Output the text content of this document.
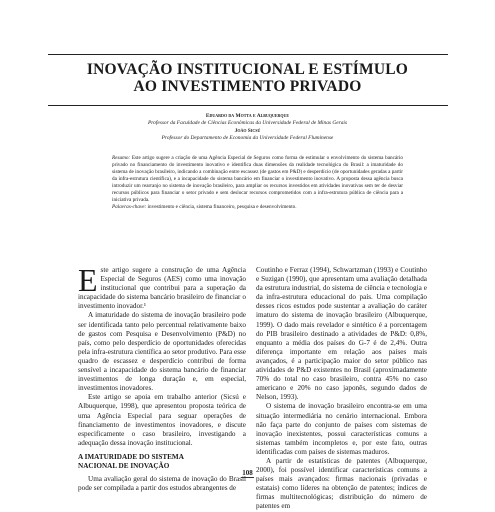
INOVAÇÃO INSTITUCIONAL E ESTÍMULO
AO INVESTIMENTO PRIVADO
Eduardo da Motta e Albuquerque
Professor da Faculdade de Ciências Econômicas da Universidade Federal de Minas Gerais
João Sicsú
Professor do Departamento de Economia da Universidade Federal Fluminense
Resumo: Este artigo sugere a criação de uma Agência Especial de Seguros como forma de estimular o envolvimento do sistema bancário privado no financiamento do investimento inovativo e identifica duas dimensões da realidade tecnológica do Brasil: a imaturidade do sistema de inovação brasileiro, indicando a combinação entre escassez (de gastos em P&D) e desperdício (de oportunidades geradas a partir da infra-estrutura científica), e a incapacidade do sistema bancário em financiar o investimento inovativo. A proposta dessa agência busca introduzir um rearranjo no sistema de inovação brasileiro, para ampliar os recursos investidos em atividades inovativas sem ter de desviar recursos públicos para financiar o setor privado e sem deslocar recursos comprometidos com a infra-estrutura pública de ciência para a iniciativa privada.
Palavras-chave: investimento e ciência, sistema financeiro, pesquisa e desenvolvimento.

Este artigo sugere a construção de uma Agência Especial de Seguros (AES) como uma inovação institucional que contribui para a superação da incapacidade do sistema bancário brasileiro de financiar o investimento inovador.¹

A imaturidade do sistema de inovação brasileiro pode ser identificada tanto pelo percentual relativamente baixo de gastos com Pesquisa e Desenvolvimento (P&D) no país, como pelo desperdício de oportunidades oferecidas pela infra-estrutura científica ao setor produtivo. Para esse quadro de escassez e desperdício contribui de forma sensível a incapacidade do sistema bancário de financiar investimentos de longa duração e, em especial, investimentos inovadores.

Este artigo se apoia em trabalho anterior (Sicsú e Albuquerque, 1998), que apresentou proposta teórica de uma Agência Especial para seguar operações de financiamento de investimentos inovadores, e discute especificamente o caso brasileiro, investigando a adequação dessa inovação institucional.

A IMATURIDADE DO SISTEMA
NACIONAL DE INOVAÇÃO

Uma avaliação geral do sistema de inovação do Brasil pode ser compilada a partir dos estudos abrangentes de

Coutinho e Ferraz (1994), Schwartzman (1993) e Coutinho e Suzigan (1990), que apresentam uma avaliação detalhada da estrutura industrial, do sistema de ciência e tecnologia e da infra-estrutura educacional do país. Uma compilação desses ricos estudos pode sustentar a avaliação do caráter imaturo do sistema de inovação brasileiro (Albuquerque, 1999). O dado mais revelador e sintético é a porcentagem do PIB brasileiro destinado a atividades de P&D: 0,8%, enquanto a média dos países do G-7 é de 2,4%. Outra diferença importante em relação aos países mais avançados, é a participação maior do setor público nas atividades de P&D existentes no Brasil (aproximadamente 70% do total no caso brasileiro, contra 45% no caso americano e 20% no caso japonês, segundo dados de Nelson, 1993).

O sistema de inovação brasileiro encontra-se em uma situação intermediária no cenário internacional. Embora não faça parte do conjunto de países com sistemas de inovação inexistentes, possui características comuns a sistemas também incompletos e, por este fato, outras identificadas com países de sistemas maduros.

A partir de estatísticas de patentes (Albuquerque, 2000), foi possível identificar características comuns a países mais avançados: firmas nacionais (privadas e estatais) como líderes na obtenção de patentes; índices de firmas multitecnológicas; distribuição do número de patentes em

108
